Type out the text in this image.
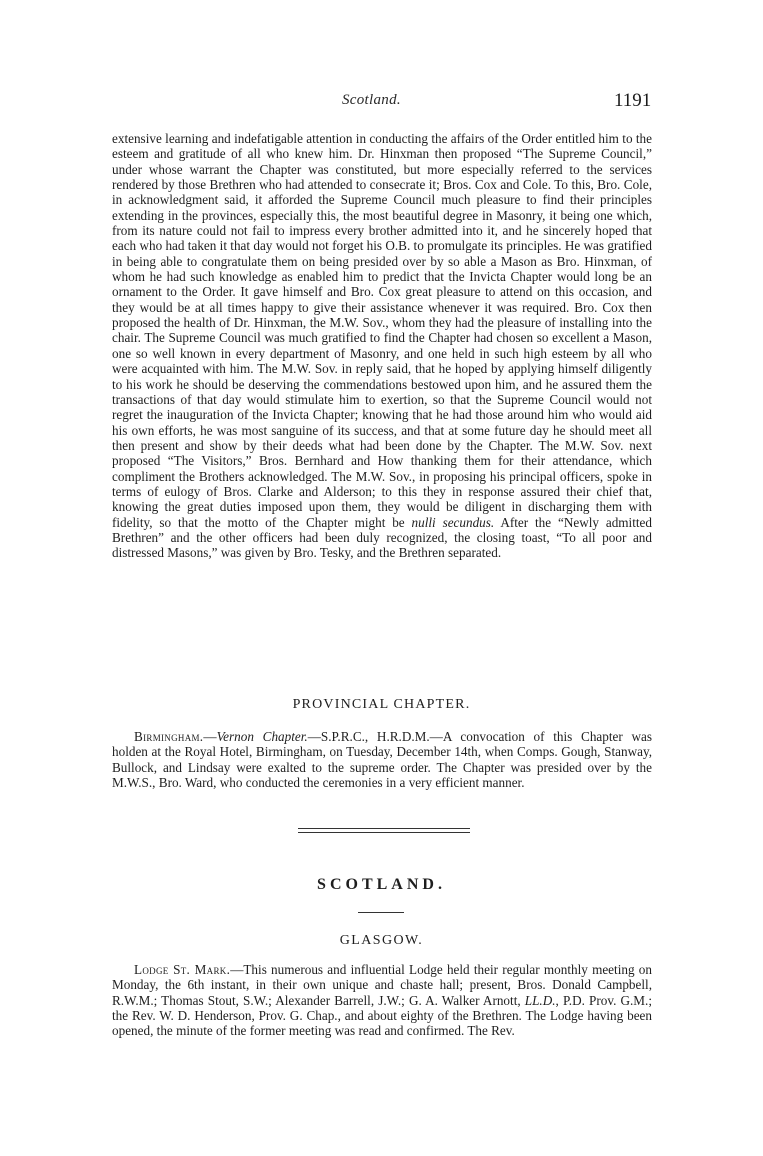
Scotland.	1191

extensive learning and indefatigable attention in conducting the affairs of the Order entitled him to the esteem and gratitude of all who knew him. Dr. Hinxman then proposed “The Supreme Council,” under whose warrant the Chapter was constituted, but more especially referred to the services rendered by those Brethren who had attended to consecrate it; Bros. Cox and Cole. To this, Bro. Cole, in acknowledgment said, it afforded the Supreme Council much pleasure to find their principles extending in the provinces, especially this, the most beautiful degree in Masonry, it being one which, from its nature could not fail to impress every brother admitted into it, and he sincerely hoped that each who had taken it that day would not forget his O.B. to promulgate its principles. He was gratified in being able to congratulate them on being presided over by so able a Mason as Bro. Hinxman, of whom he had such knowledge as enabled him to predict that the Invicta Chapter would long be an ornament to the Order. It gave himself and Bro. Cox great pleasure to attend on this occasion, and they would be at all times happy to give their assistance whenever it was required. Bro. Cox then proposed the health of Dr. Hinxman, the M.W. Sov., whom they had the pleasure of installing into the chair. The Supreme Council was much gratified to find the Chapter had chosen so excellent a Mason, one so well known in every department of Masonry, and one held in such high esteem by all who were acquainted with him. The M.W. Sov. in reply said, that he hoped by applying himself diligently to his work he should be deserving the commendations bestowed upon him, and he assured them the transactions of that day would stimulate him to exertion, so that the Supreme Council would not regret the inauguration of the Invicta Chapter; knowing that he had those around him who would aid his own efforts, he was most sanguine of its success, and that at some future day he should meet all then present and show by their deeds what had been done by the Chapter. The M.W. Sov. next proposed “The Visitors,” Bros. Bernhard and How thanking them for their attendance, which compliment the Brothers acknowledged. The M.W. Sov., in proposing his principal officers, spoke in terms of eulogy of Bros. Clarke and Alderson; to this they in response assured their chief that, knowing the great duties imposed upon them, they would be diligent in discharging them with fidelity, so that the motto of the Chapter might be nulli secundus. After the “Newly admitted Brethren” and the other officers had been duly recognized, the closing toast, “To all poor and distressed Masons,” was given by Bro. Tesky, and the Brethren separated.

PROVINCIAL CHAPTER.

Birmingham.—Vernon Chapter.—S.P.R.C., H.R.D.M.—A convocation of this Chapter was holden at the Royal Hotel, Birmingham, on Tuesday, December 14th, when Comps. Gough, Stanway, Bullock, and Lindsay were exalted to the supreme order. The Chapter was presided over by the M.W.S., Bro. Ward, who conducted the ceremonies in a very efficient manner.

SCOTLAND.
GLASGOW.

Lodge St. Mark.—This numerous and influential Lodge held their regular monthly meeting on Monday, the 6th instant, in their own unique and chaste hall; present, Bros. Donald Campbell, R.W.M.; Thomas Stout, S.W.; Alexander Barrell, J.W.; G. A. Walker Arnott, LL.D., P.D. Prov. G.M.; the Rev. W. D. Henderson, Prov. G. Chap., and about eighty of the Brethren. The Lodge having been opened, the minute of the former meeting was read and confirmed. The Rev.
